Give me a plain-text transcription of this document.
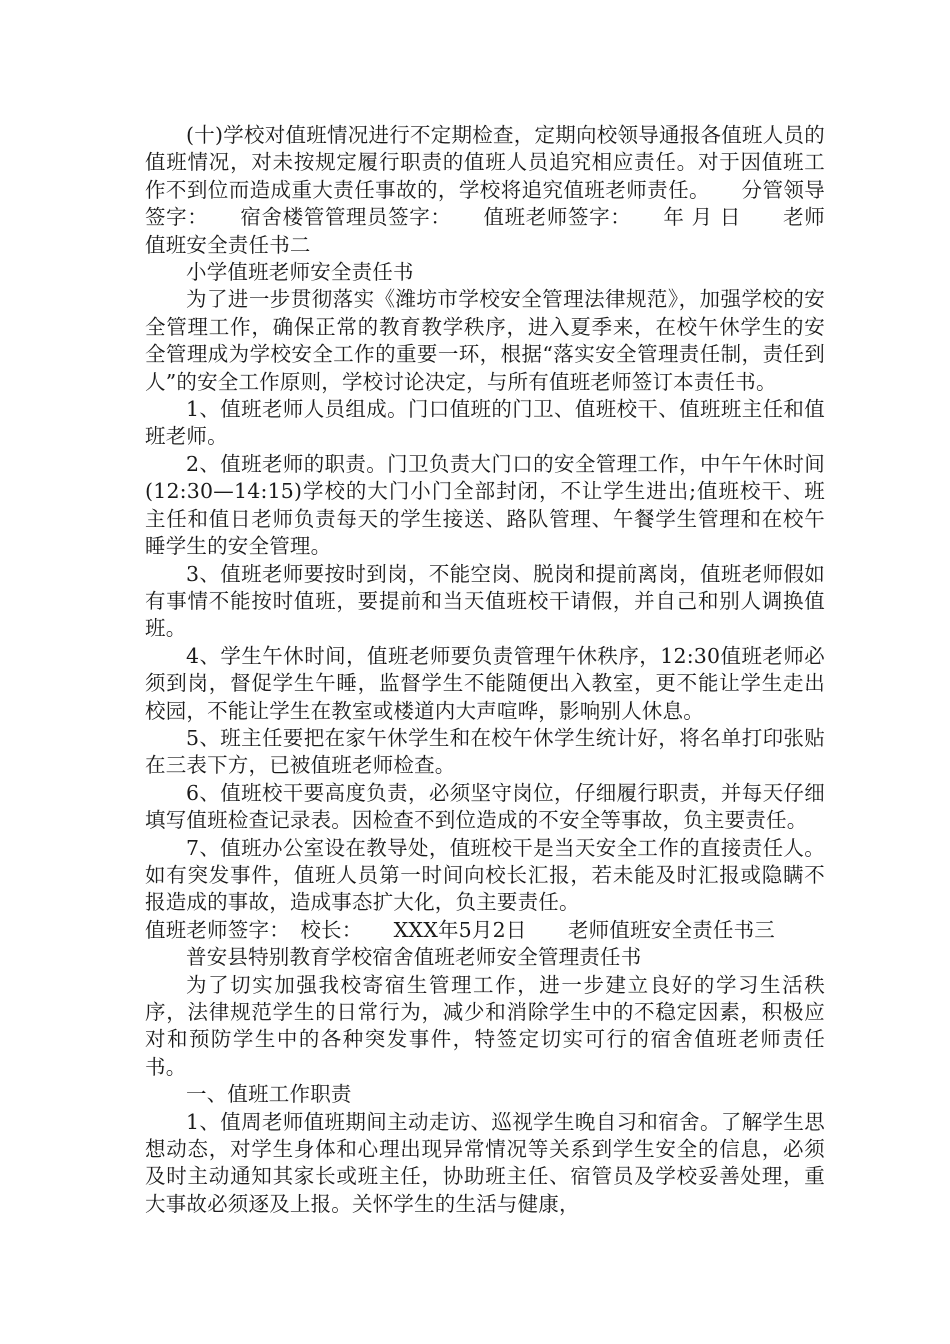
(十)学校对值班情况进行不定期检查，定期向校领导通报各值班人员的值班情况，对未按规定履行职责的值班人员追究相应责任。对于因值班工作不到位而造成重大责任事故的，学校将追究值班老师责任。　　分管领导签字：　　宿舍楼管管理员签字：　　值班老师签字：　　年 月 日　　老师值班安全责任书二

小学值班老师安全责任书

为了进一步贯彻落实《潍坊市学校安全管理法律规范》，加强学校的安全管理工作，确保正常的教育教学秩序，进入夏季来，在校午休学生的安全管理成为学校安全工作的重要一环，根据“落实安全管理责任制，责任到人”的安全工作原则，学校讨论决定，与所有值班老师签订本责任书。

1、值班老师人员组成。门口值班的门卫、值班校干、值班班主任和值班老师。

2、值班老师的职责。门卫负责大门口的安全管理工作，中午午休时间(12:30—14:15)学校的大门小门全部封闭，不让学生进出;值班校干、班主任和值日老师负责每天的学生接送、路队管理、午餐学生管理和在校午睡学生的安全管理。

3、值班老师要按时到岗，不能空岗、脱岗和提前离岗，值班老师假如有事情不能按时值班，要提前和当天值班校干请假，并自己和别人调换值班。

4、学生午休时间，值班老师要负责管理午休秩序，12:30值班老师必须到岗，督促学生午睡，监督学生不能随便出入教室，更不能让学生走出校园，不能让学生在教室或楼道内大声喧哗，影响别人休息。

5、班主任要把在家午休学生和在校午休学生统计好，将名单打印张贴在三表下方，已被值班老师检查。

6、值班校干要高度负责，必须坚守岗位，仔细履行职责，并每天仔细填写值班检查记录表。因检查不到位造成的不安全等事故，负主要责任。

7、值班办公室设在教导处，值班校干是当天安全工作的直接责任人。如有突发事件，值班人员第一时间向校长汇报，若未能及时汇报或隐瞒不报造成的事故，造成事态扩大化，负主要责任。

值班老师签字：　校长：　　XXX年5月2日　　老师值班安全责任书三

普安县特别教育学校宿舍值班老师安全管理责任书

为了切实加强我校寄宿生管理工作，进一步建立良好的学习生活秩序，法律规范学生的日常行为，减少和消除学生中的不稳定因素，积极应对和预防学生中的各种突发事件，特签定切实可行的宿舍值班老师责任书。

一、值班工作职责

1、值周老师值班期间主动走访、巡视学生晚自习和宿舍。了解学生思想动态，对学生身体和心理出现异常情况等关系到学生安全的信息，必须及时主动通知其家长或班主任，协助班主任、宿管员及学校妥善处理，重大事故必须逐及上报。关怀学生的生活与健康，
